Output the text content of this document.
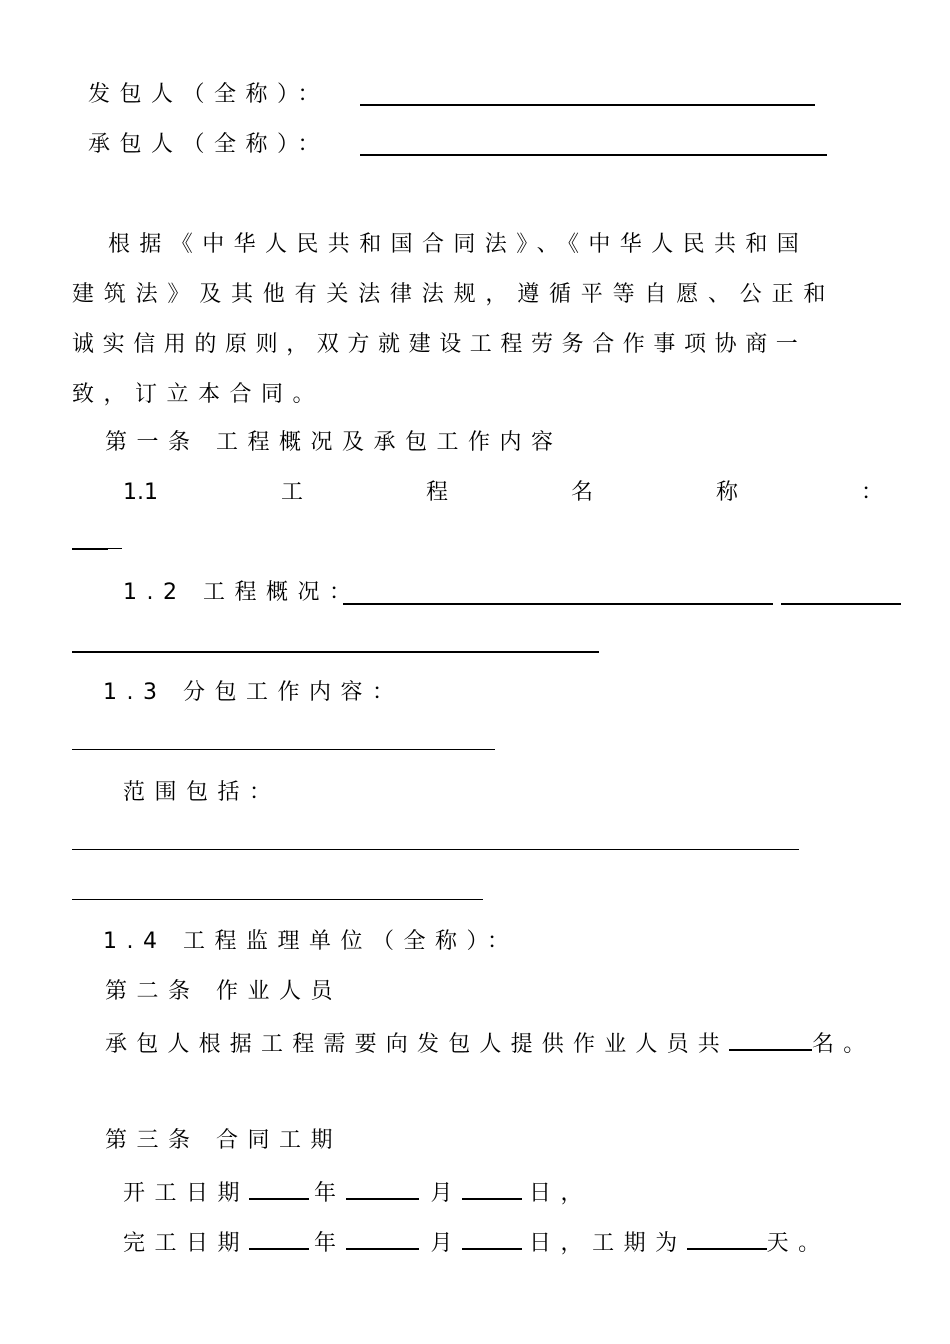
发包人（全称）：
承包人（全称）：
根据《中华人民共和国合同法》、《中华人民共和国
建筑法》及其他有关法律法规，遵循平等自愿、公正和
诚实信用的原则，双方就建设工程劳务合作事项协商一
致，订立本合同。
第一条 工程概况及承包工作内容
1.1	工	程	名	称	：
1.2 工程概况：
1.3 分包工作内容：
范围包括：
1.4 工程监理单位（全称）：
第二条 作业人员
承包人根据工程需要向发包人提供作业人员共	名。
第三条 合同工期
开工日期	年	月	日，
完工日期	年	月	日，工期为	天。
